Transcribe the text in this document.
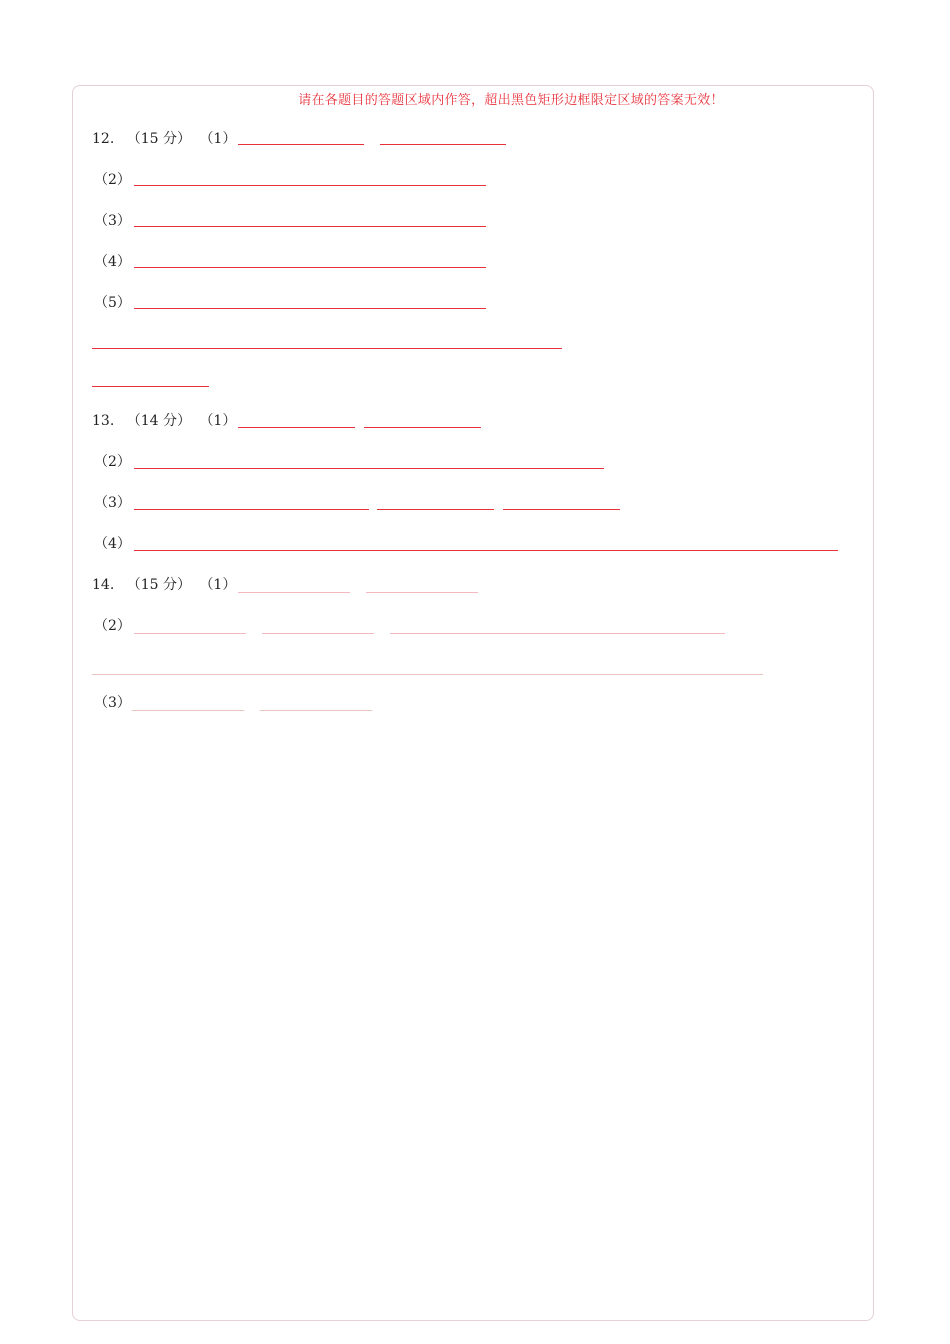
请在各题目的答题区域内作答，超出黑色矩形边框限定区域的答案无效！
12. （15 分） （1）
（2）
（3）
（4）
（5）
13. （14 分） （1）
（2）
（3）
（4）
14. （15 分） （1）
（2）
（3）
